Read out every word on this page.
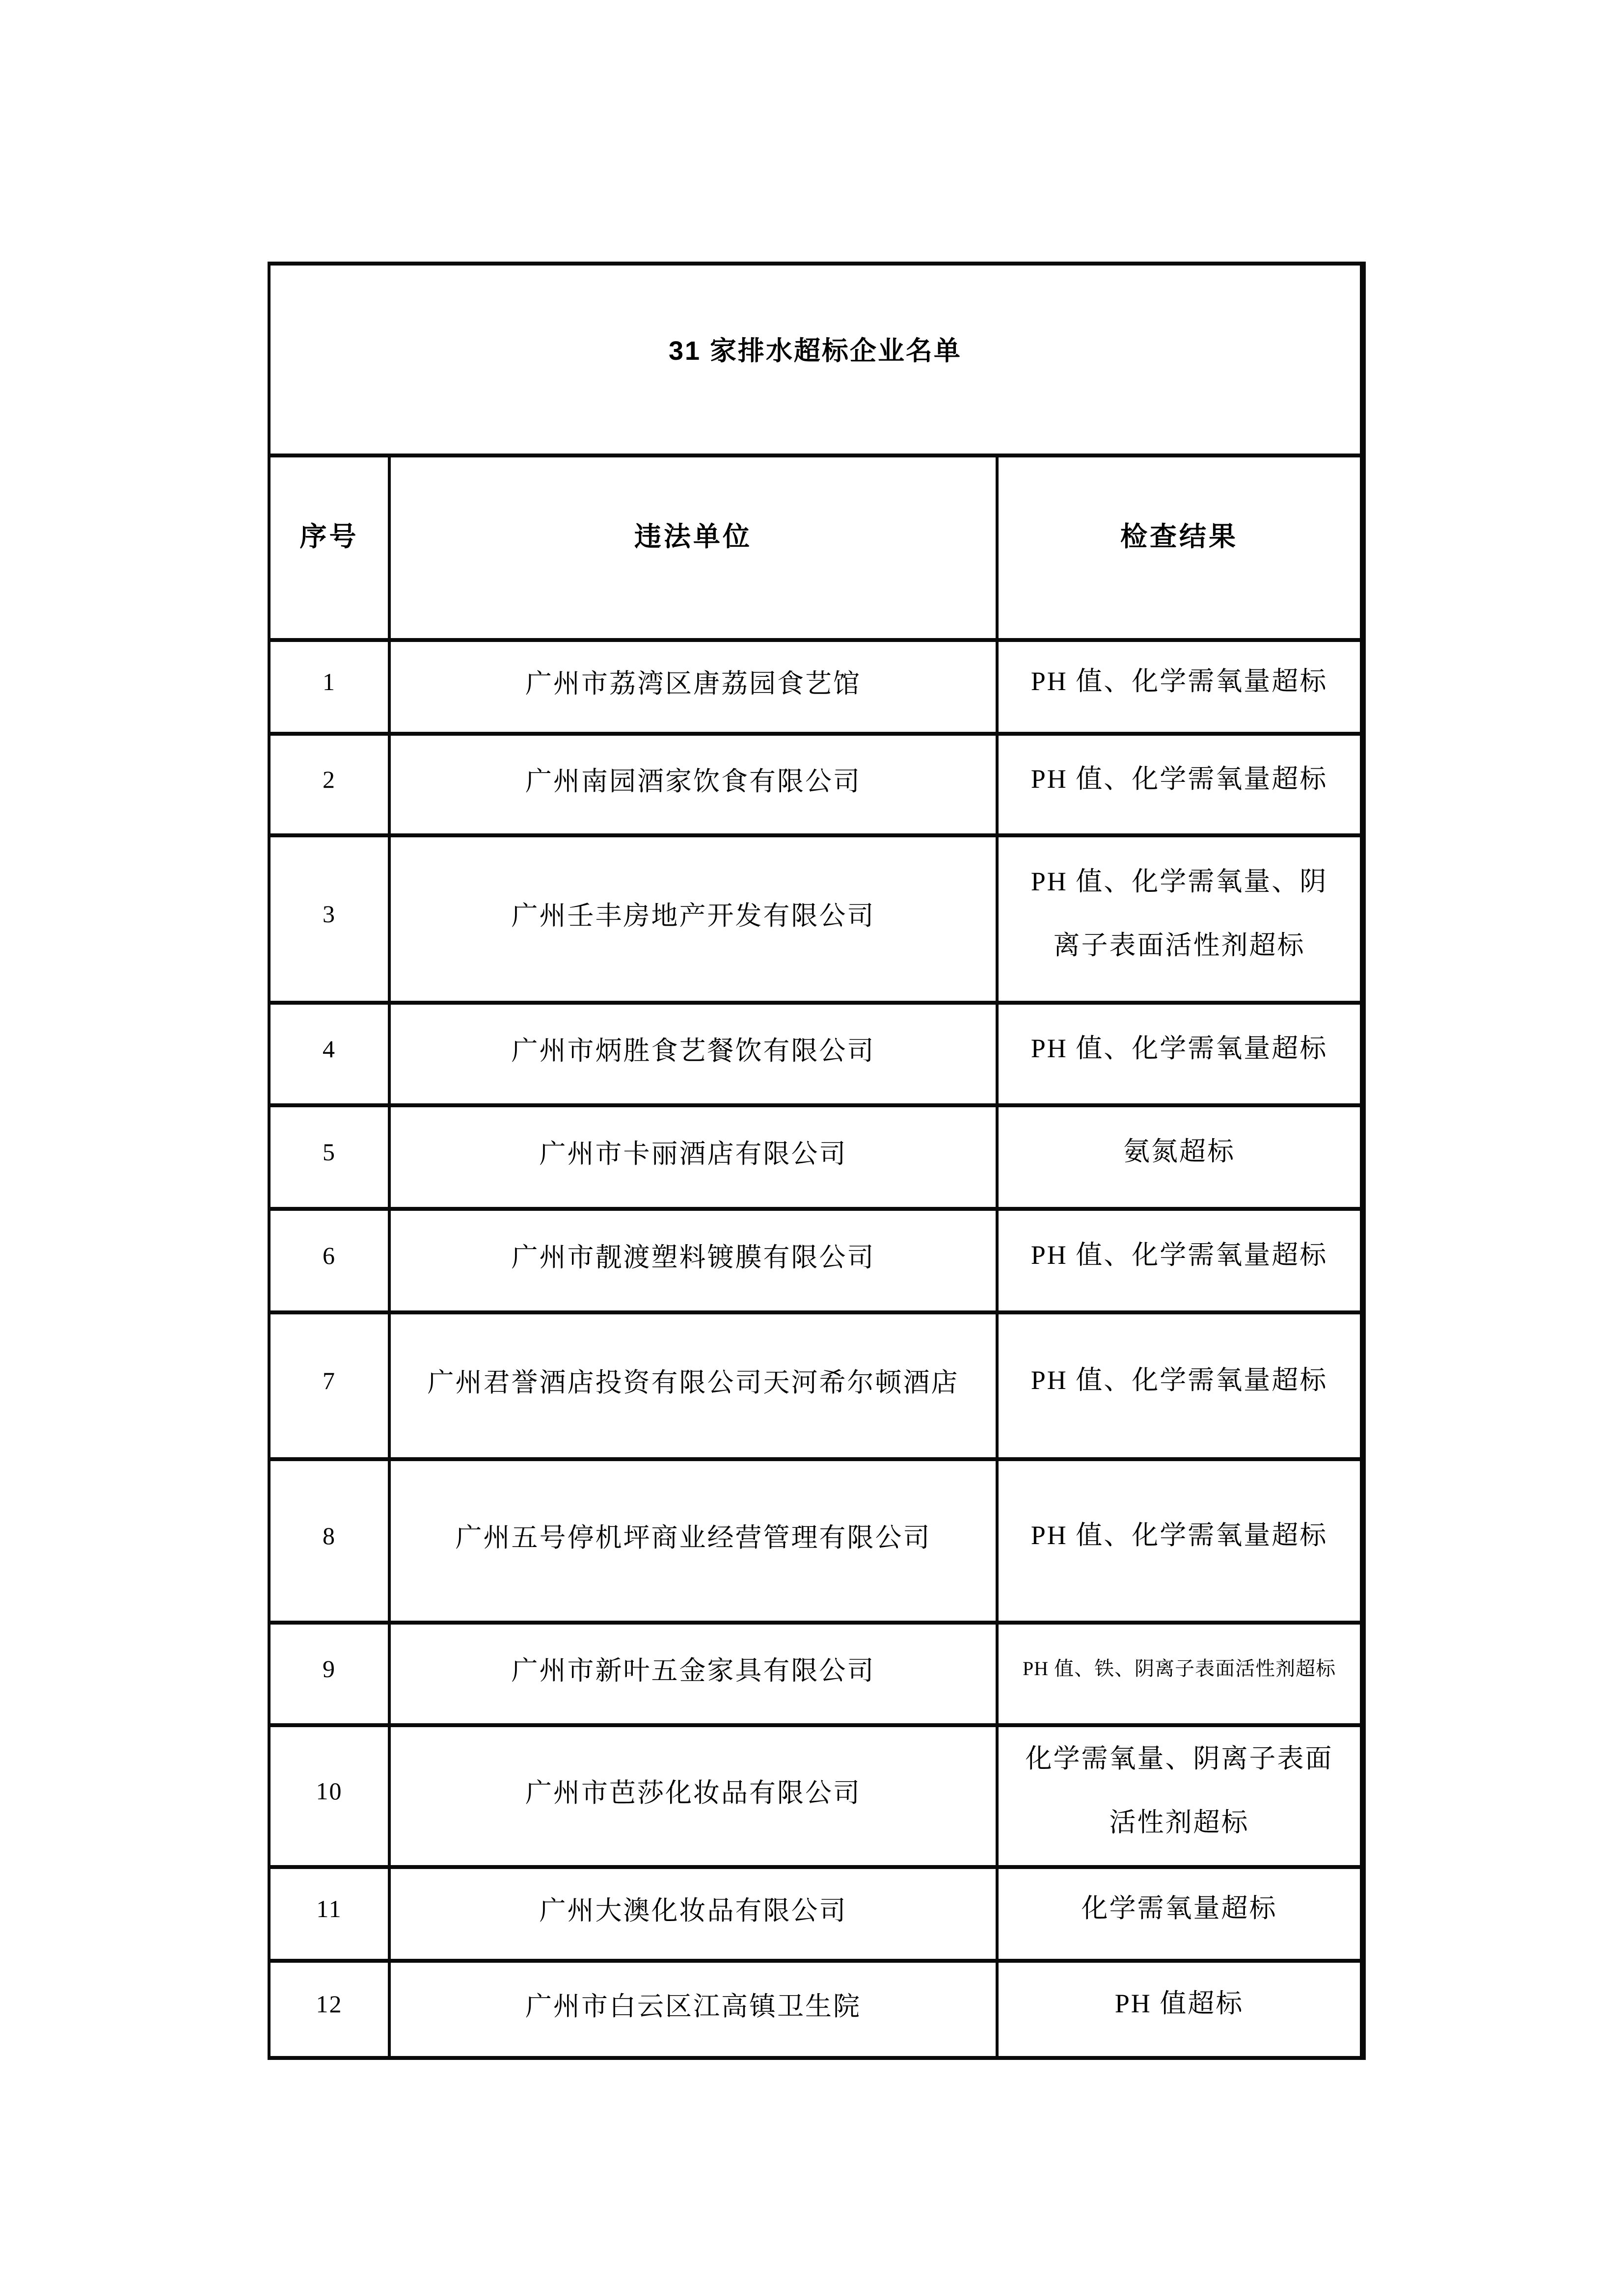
31 家排水超标企业名单		
序号	违法单位	检查结果
1	广州市荔湾区唐荔园食艺馆	PH 值、化学需氧量超标
2	广州南园酒家饮食有限公司	PH 值、化学需氧量超标
3	广州壬丰房地产开发有限公司	PH 值、化学需氧量、阴离子表面活性剂超标
4	广州市炳胜食艺餐饮有限公司	PH 值、化学需氧量超标
5	广州市卡丽酒店有限公司	氨氮超标
6	广州市靓渡塑料镀膜有限公司	PH 值、化学需氧量超标
7	广州君誉酒店投资有限公司天河希尔顿酒店	PH 值、化学需氧量超标
8	广州五号停机坪商业经营管理有限公司	PH 值、化学需氧量超标
9	广州市新叶五金家具有限公司	PH 值、铁、阴离子表面活性剂超标
10	广州市芭莎化妆品有限公司	化学需氧量、阴离子表面活性剂超标
11	广州大澳化妆品有限公司	化学需氧量超标
12	广州市白云区江高镇卫生院	PH 值超标
